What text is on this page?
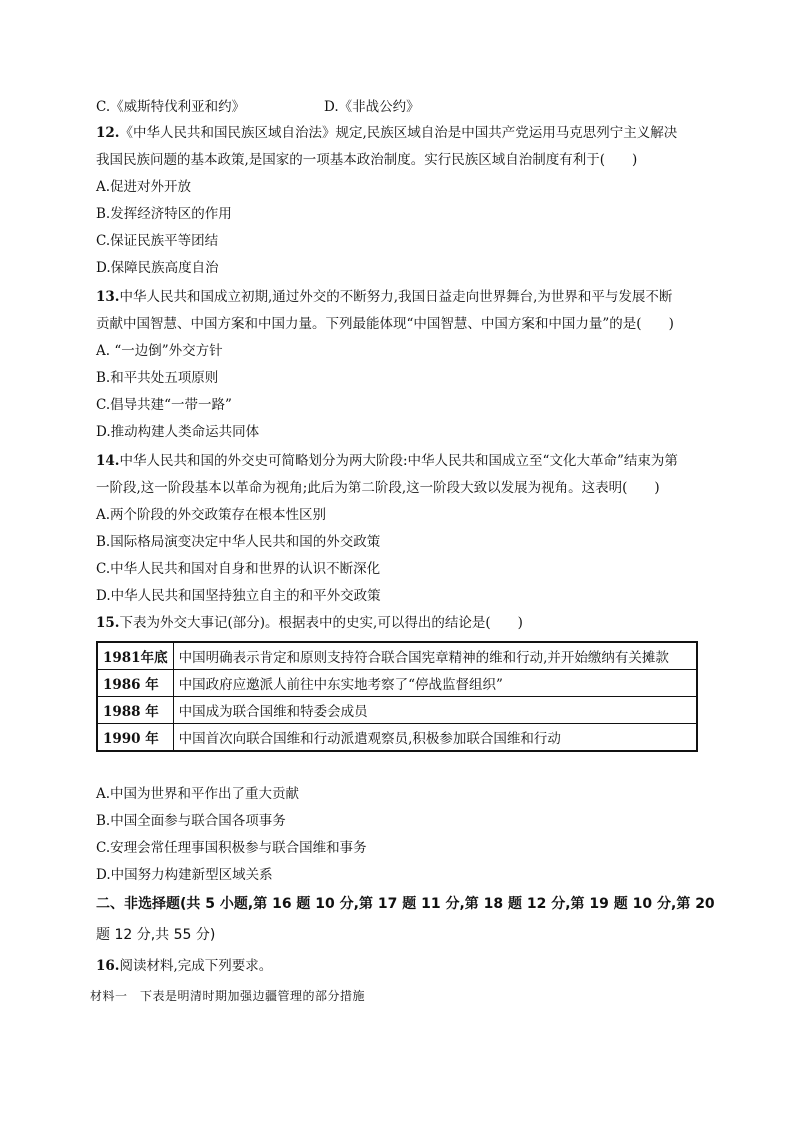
C.《威斯特伐利亚和约》	D.《非战公约》
12.《中华人民共和国民族区域自治法》规定,民族区域自治是中国共产党运用马克思列宁主义解决
我国民族问题的基本政策,是国家的一项基本政治制度。实行民族区域自治制度有利于(　　)
A.促进对外开放
B.发挥经济特区的作用
C.保证民族平等团结
D.保障民族高度自治
13.中华人民共和国成立初期,通过外交的不断努力,我国日益走向世界舞台,为世界和平与发展不断
贡献中国智慧、中国方案和中国力量。下列最能体现“中国智慧、中国方案和中国力量”的是(　　)
A. “一边倒”外交方针
B.和平共处五项原则
C.倡导共建“一带一路”
D.推动构建人类命运共同体
14.中华人民共和国的外交史可简略划分为两大阶段:中华人民共和国成立至“文化大革命”结束为第
一阶段,这一阶段基本以革命为视角;此后为第二阶段,这一阶段大致以发展为视角。这表明(　　)
A.两个阶段的外交政策存在根本性区别
B.国际格局演变决定中华人民共和国的外交政策
C.中华人民共和国对自身和世界的认识不断深化
D.中华人民共和国坚持独立自主的和平外交政策
15.下表为外交大事记(部分)。根据表中的史实,可以得出的结论是(　　)
1981年底	中国明确表示肯定和原则支持符合联合国宪章精神的维和行动,并开始缴纳有关摊款
1986 年	中国政府应邀派人前往中东实地考察了“停战监督组织”
1988 年	中国成为联合国维和特委会成员
1990 年	中国首次向联合国维和行动派遣观察员,积极参加联合国维和行动
A.中国为世界和平作出了重大贡献
B.中国全面参与联合国各项事务
C.安理会常任理事国积极参与联合国维和事务
D.中国努力构建新型区域关系
二、非选择题(共 5 小题,第 16 题 10 分,第 17 题 11 分,第 18 题 12 分,第 19 题 10 分,第 20
题 12 分,共 55 分)
16.阅读材料,完成下列要求。
材料一　下表是明清时期加强边疆管理的部分措施
